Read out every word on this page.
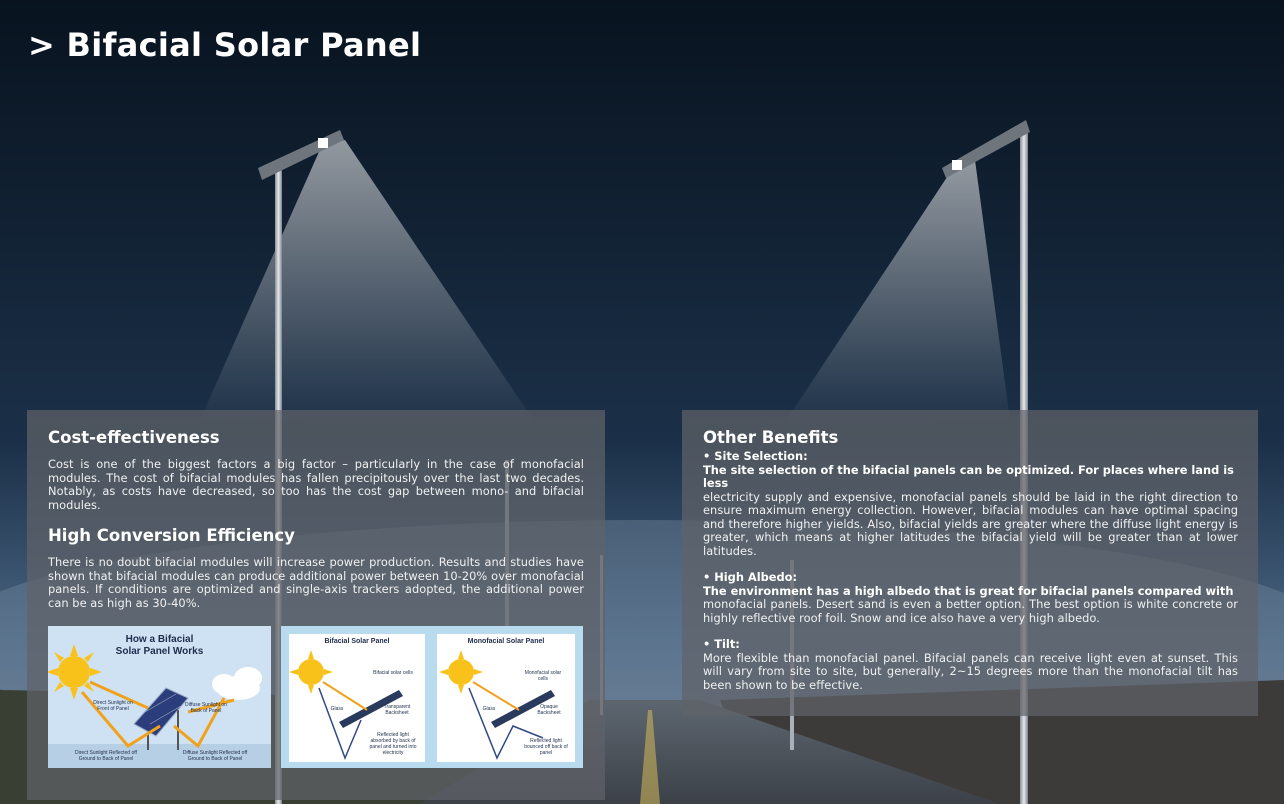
> Bifacial Solar Panel
Cost-effectiveness

Cost is one of the biggest factors a big factor – particularly in the case of monofacial modules. The cost of bifacial modules has fallen precipitously over the last two decades. Notably, as costs have decreased, so too has the cost gap between mono- and bifacial modules.

High Conversion Efficiency

There is no doubt bifacial modules will increase power production. Results and studies have shown that bifacial modules can produce additional power between 10-20% over monofacial panels. If conditions are optimized and single-axis trackers adopted, the additional power can be as high as 30-40%.

How a Bifacial
Solar Panel Works
Direct Sunlight on Front of Panel
Diffuse Sunlight on Back of Panel
Direct Sunlight Reflected off Ground to Back of Panel
Diffuse Sunlight Reflected off Ground to Back of Panel
Bifacial Solar Panel	Monofacial Solar Panel
Bifacial solar cells	Monofacial solar cells
Glass	Glass
Transparent Backsheet
Opaque Backsheet
Reflected light absorbed by back of panel and turned into electricity
Reflected light bounced off back of panel
Other Benefits
• Site Selection:
The site selection of the bifacial panels can be optimized. For places where land is less

electricity supply and expensive, monofacial panels should be laid in the right direction to ensure maximum energy collection. However, bifacial modules can have optimal spacing and therefore higher yields. Also, bifacial yields are greater where the diffuse light energy is greater, which means at higher latitudes the bifacial yield will be greater than at lower latitudes.

• High Albedo:
The environment has a high albedo that is great for bifacial panels compared with

monofacial panels. Desert sand is even a better option. The best option is white concrete or highly reflective roof foil. Snow and ice also have a very high albedo.

• Tilt:

More flexible than monofacial panel. Bifacial panels can receive light even at sunset. This will vary from site to site, but generally, 2~15 degrees more than the monofacial tilt has been shown to be effective.
